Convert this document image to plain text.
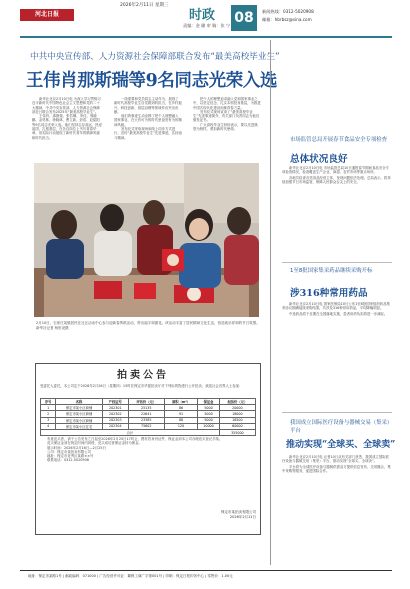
2026年2月11日 星期三
河北日报	时政
责编：金 璐 审 稿：张 宁 08	新闻热线：0312-5020908
邮箱：hbrbsz@sina.com
中共中央宣传部、人力资源社会保障部联合发布“最美高校毕业生”
王伟肖那斯瑞等9名同志光荣入选

新华社北京2月10日电 为深入学习贯彻习近平新时代中国特色社会主义思想和党的二十大精神，中共中央宣传部、人力资源社会保障部近日联合发布2025年“最美高校毕业生”。

王伟肖、那斯瑞、张若琳、李佳、邢晓鹏、金昊林、徐晓林、曹立新、彭浩、赵铭阳等9名同志光荣入选。他们坚持志存高远，热爱祖国，扎根基层，在各自岗位上书写青春华章，用实际行动展现了新时代青年的精神风貌和时代担当。

一线需要和党员同志主动作为，展现了新时代高校毕业生自觉做到的担当，在乡村振兴、科技创新、基层治理等领域作出突出贡献。

他们的事迹生动诠释了把个人理想融入国家事业、在大有可为的时代里奋发有为的精神风貌。

发布仪式采取现场和线上同步方式进行，宣传“最美高校毕业生”先进事迹，弘扬奋斗精神。

把个人的理想追求融入党和国家事业之中，以坚定信念、扎实本领投身基层，为推进中国式现代化建设贡献青春力量。

发布仪式现场宣读了“最美高校毕业生”先进事迹简介，有关部门负责同志为他们颁发证书。

广大高校毕业生纷纷表示，要以先进典型为榜样，勇担新时代使命。

2月10日，石家庄某镇居民在社区活动中心参与迎新春剪纸活动，剪出福字和窗花。该活动丰富了居民精神文化生活，营造欢乐祥和的节日氛围。新华社记者 杨世尧摄
拍卖公告
受委托人委托，本公司定于2026年2月26日（星期四）15时在保定市华夏拍卖厅对下列标的物进行公开拍卖，欢迎社会各界人士参加：
序号	名称	产权证号	评估价（元）	面积（m²）	保证金	起拍价（元）
1	保定市某小区商铺	202301	25135	86	5000	20000
2	保定市某小区商铺	202302	22641	91	5000	18000
3	保定市某小区商铺	202303	23385	88	5000	18500
4	保定市某小区住宅	202304	75602	120	10000	60000
合计						355000

有意竞买者，请于公告发布之日起至2026年2月25日17时止，携有效身份证件、保证金到本公司办理竞买登记手续。

竞买保证金须在规定时间内到账，竞买成功者保证金转为佣金。

展示时间：2026年2月16日—2月25日

公司：保定市某拍卖有限公司

地址：保定市竞秀区某路××号

联系电话：0312-5020908

保定市某拍卖有限公司
2026年2月11日
市场监管总局开展春节食品安全专项检查
总体状况良好

新华社北京2月10日电 市场监管总局10日通报春节期间食品安全专项检查情况，检查覆盖生产企业、商超、农贸市场等重点场所。

各地共检查各类食品经营主体，发现问题依法处理。总局表示，将持续加强节日市场监管，保障人民群众舌尖上的安全。

1至8批国家集采药品继续采购开标
涉316种常用药品

新华社北京2月10日电 国家医保局10日公布1至8批国家组织药品集采协议期满接续采购结果，共涉及316种常用药品，平均降幅明显。

中选药品将于近期在全国落地实施，患者用药负担将进一步减轻。

我国成立国际医疗设备与器械交易（集采）平台
推动实现“全球买、全球卖”

新华社北京2月10日电 记者10日从有关部门获悉，我国成立国际医疗设备与器械交易（集采）平台，推动实现“全球买、全球卖”。

平台将为全球医疗设备与器械供需双方提供信息发布、交易撮合、集中采购等服务，促进国际合作。

地址：保定市某路1号 | 邮政编码：071000 | 广告经营许可证：冀保工商广字第001号 | 印刷：保定日报印务中心 | 零售价：1.00元
